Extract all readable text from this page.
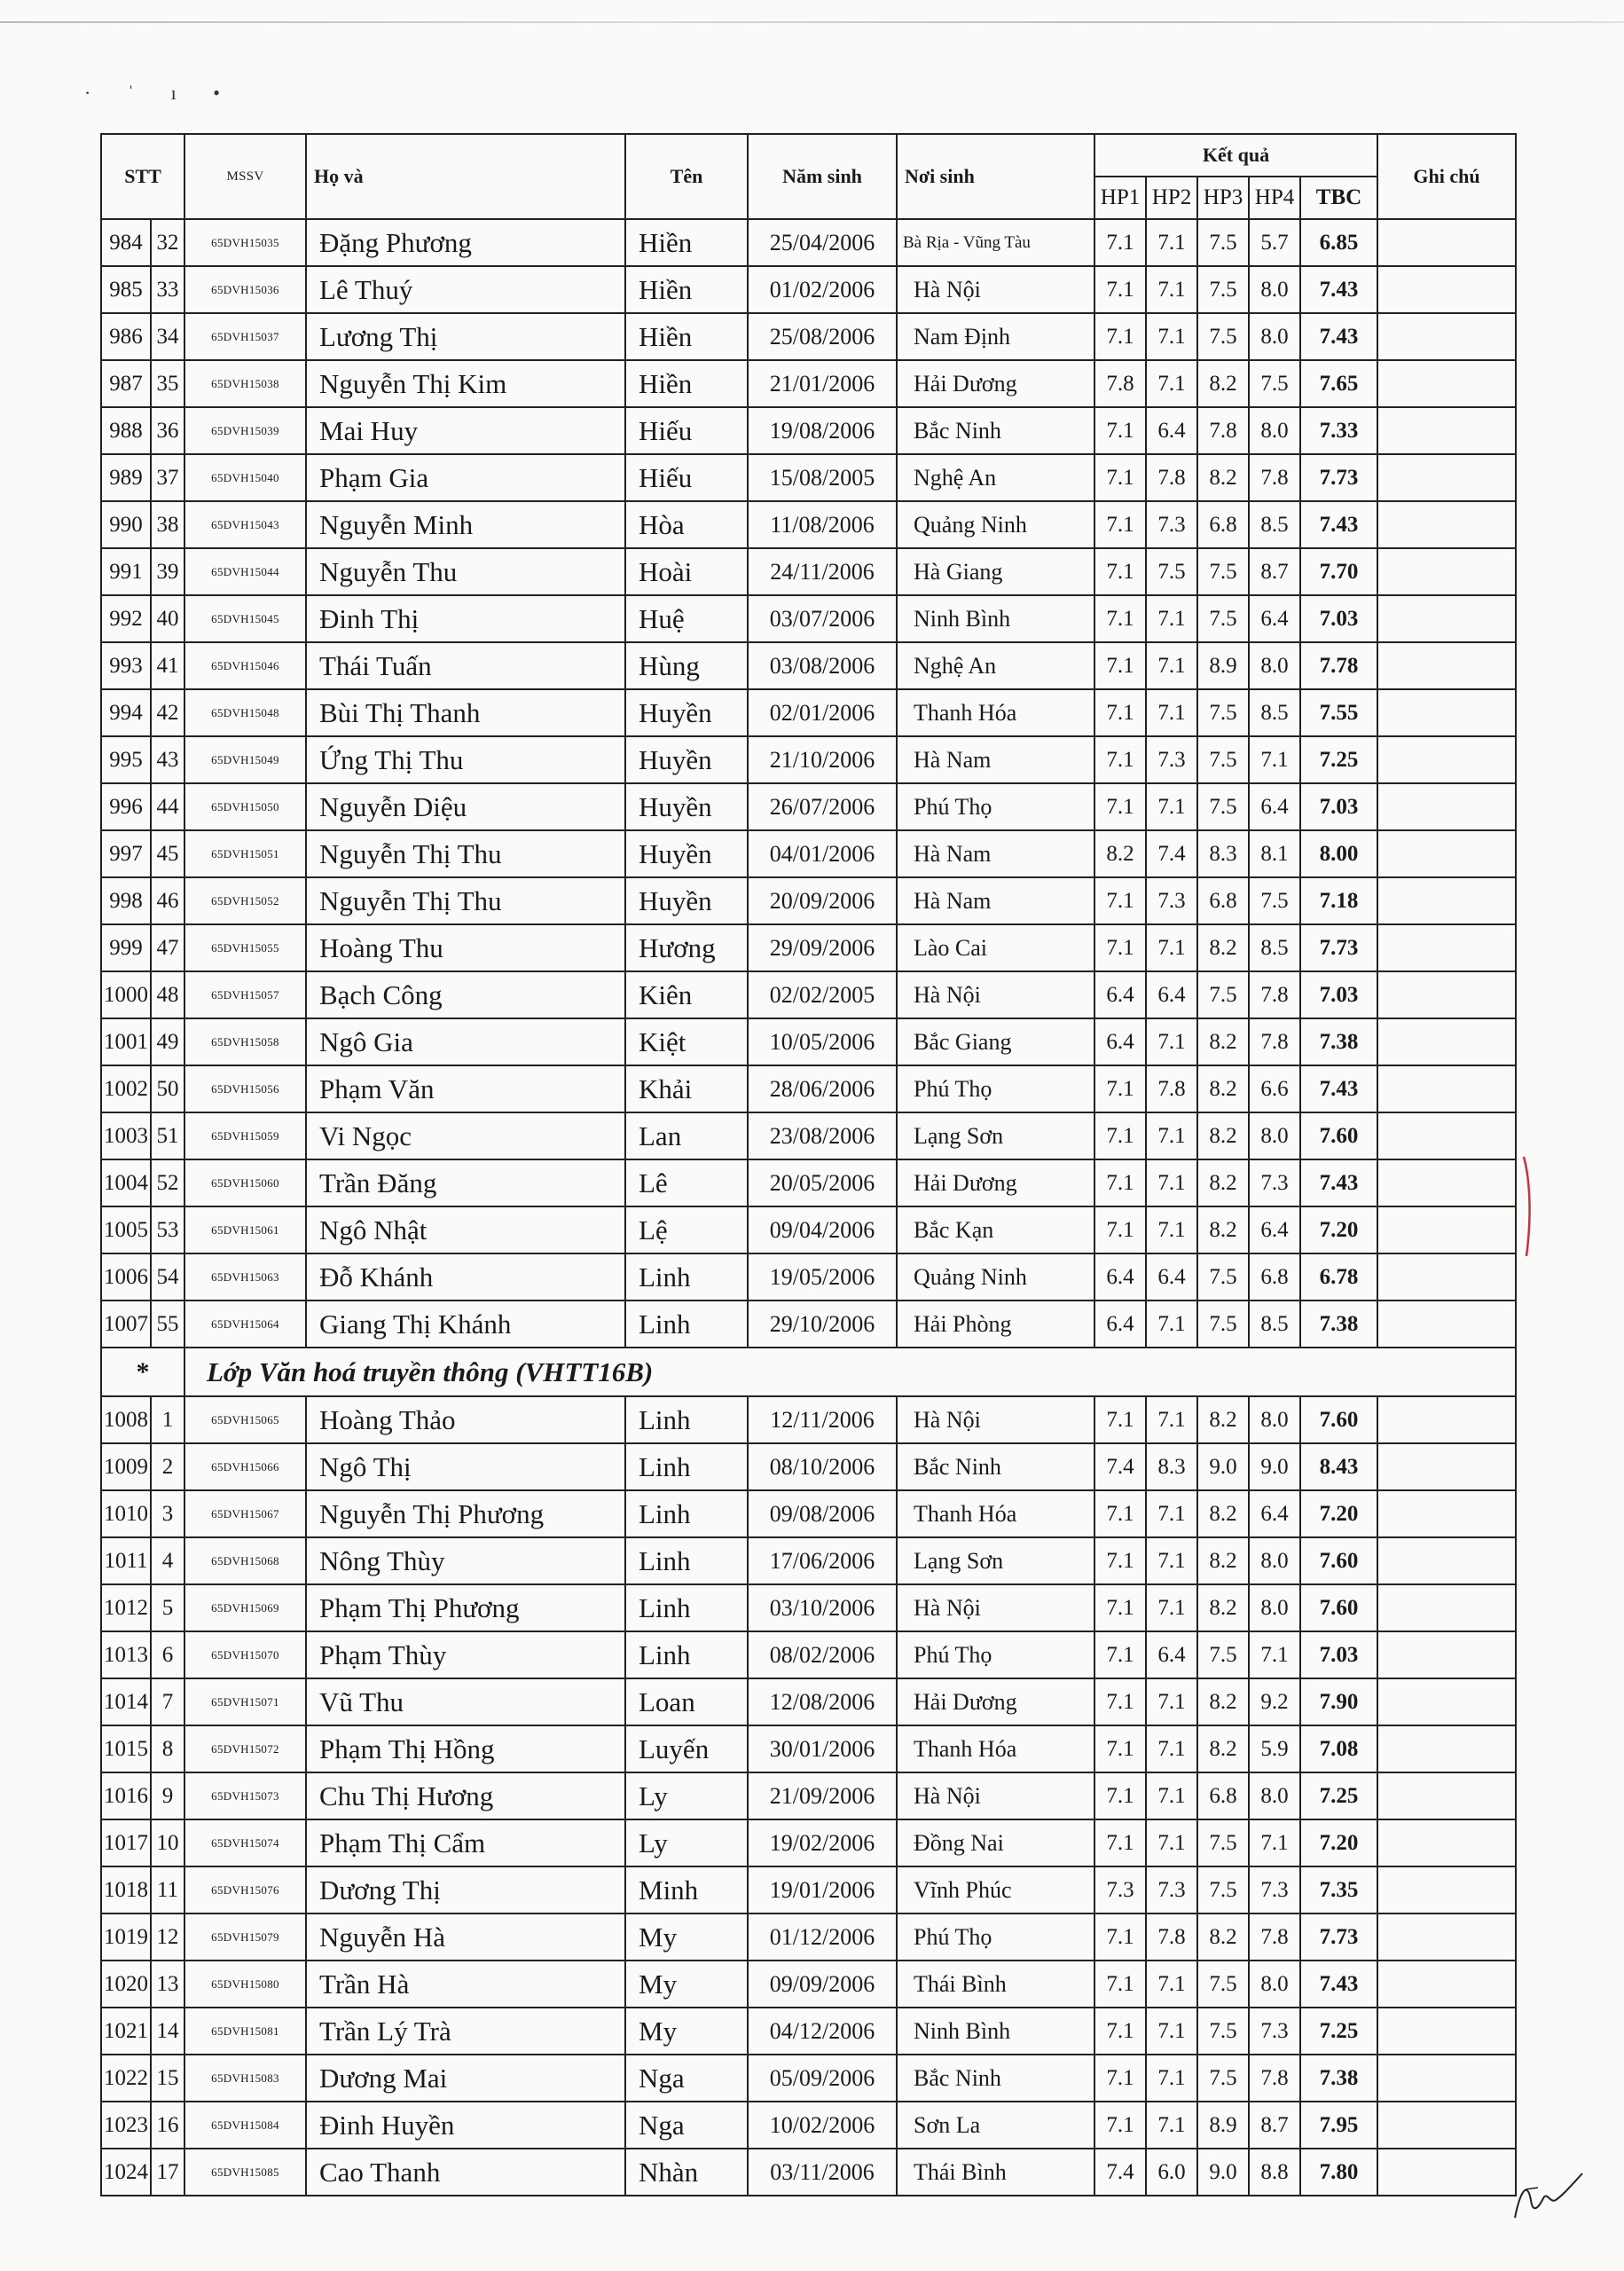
· ˈ ı •
STT		MSSV	Họ và	Tên	Năm sinh	Nơi sinh	Kết quả					Ghi chú
							HP1	HP2	HP3	HP4	TBC	
984	32	65DVH15035	Đặng Phương	Hiền	25/04/2006	Bà Rịa - Vũng Tàu	7.1	7.1	7.5	5.7	6.85	
985	33	65DVH15036	Lê Thuý	Hiền	01/02/2006	Hà Nội	7.1	7.1	7.5	8.0	7.43	
986	34	65DVH15037	Lương Thị	Hiền	25/08/2006	Nam Định	7.1	7.1	7.5	8.0	7.43	
987	35	65DVH15038	Nguyễn Thị Kim	Hiền	21/01/2006	Hải Dương	7.8	7.1	8.2	7.5	7.65	
988	36	65DVH15039	Mai Huy	Hiếu	19/08/2006	Bắc Ninh	7.1	6.4	7.8	8.0	7.33	
989	37	65DVH15040	Phạm Gia	Hiếu	15/08/2005	Nghệ An	7.1	7.8	8.2	7.8	7.73	
990	38	65DVH15043	Nguyễn Minh	Hòa	11/08/2006	Quảng Ninh	7.1	7.3	6.8	8.5	7.43	
991	39	65DVH15044	Nguyễn Thu	Hoài	24/11/2006	Hà Giang	7.1	7.5	7.5	8.7	7.70	
992	40	65DVH15045	Đinh Thị	Huệ	03/07/2006	Ninh Bình	7.1	7.1	7.5	6.4	7.03	
993	41	65DVH15046	Thái Tuấn	Hùng	03/08/2006	Nghệ An	7.1	7.1	8.9	8.0	7.78	
994	42	65DVH15048	Bùi Thị Thanh	Huyền	02/01/2006	Thanh Hóa	7.1	7.1	7.5	8.5	7.55	
995	43	65DVH15049	Ứng Thị Thu	Huyền	21/10/2006	Hà Nam	7.1	7.3	7.5	7.1	7.25	
996	44	65DVH15050	Nguyễn Diệu	Huyền	26/07/2006	Phú Thọ	7.1	7.1	7.5	6.4	7.03	
997	45	65DVH15051	Nguyễn Thị Thu	Huyền	04/01/2006	Hà Nam	8.2	7.4	8.3	8.1	8.00	
998	46	65DVH15052	Nguyễn Thị Thu	Huyền	20/09/2006	Hà Nam	7.1	7.3	6.8	7.5	7.18	
999	47	65DVH15055	Hoàng Thu	Hương	29/09/2006	Lào Cai	7.1	7.1	8.2	8.5	7.73	
1000	48	65DVH15057	Bạch Công	Kiên	02/02/2005	Hà Nội	6.4	6.4	7.5	7.8	7.03	
1001	49	65DVH15058	Ngô Gia	Kiệt	10/05/2006	Bắc Giang	6.4	7.1	8.2	7.8	7.38	
1002	50	65DVH15056	Phạm Văn	Khải	28/06/2006	Phú Thọ	7.1	7.8	8.2	6.6	7.43	
1003	51	65DVH15059	Vi Ngọc	Lan	23/08/2006	Lạng Sơn	7.1	7.1	8.2	8.0	7.60	
1004	52	65DVH15060	Trần Đăng	Lê	20/05/2006	Hải Dương	7.1	7.1	8.2	7.3	7.43	
1005	53	65DVH15061	Ngô Nhật	Lệ	09/04/2006	Bắc Kạn	7.1	7.1	8.2	6.4	7.20	
1006	54	65DVH15063	Đỗ Khánh	Linh	19/05/2006	Quảng Ninh	6.4	6.4	7.5	6.8	6.78	
1007	55	65DVH15064	Giang Thị Khánh	Linh	29/10/2006	Hải Phòng	6.4	7.1	7.5	8.5	7.38	
*		Lớp Văn hoá truyền thông (VHTT16B)										
1008	1	65DVH15065	Hoàng Thảo	Linh	12/11/2006	Hà Nội	7.1	7.1	8.2	8.0	7.60	
1009	2	65DVH15066	Ngô Thị	Linh	08/10/2006	Bắc Ninh	7.4	8.3	9.0	9.0	8.43	
1010	3	65DVH15067	Nguyễn Thị Phương	Linh	09/08/2006	Thanh Hóa	7.1	7.1	8.2	6.4	7.20	
1011	4	65DVH15068	Nông Thùy	Linh	17/06/2006	Lạng Sơn	7.1	7.1	8.2	8.0	7.60	
1012	5	65DVH15069	Phạm Thị Phương	Linh	03/10/2006	Hà Nội	7.1	7.1	8.2	8.0	7.60	
1013	6	65DVH15070	Phạm Thùy	Linh	08/02/2006	Phú Thọ	7.1	6.4	7.5	7.1	7.03	
1014	7	65DVH15071	Vũ Thu	Loan	12/08/2006	Hải Dương	7.1	7.1	8.2	9.2	7.90	
1015	8	65DVH15072	Phạm Thị Hồng	Luyến	30/01/2006	Thanh Hóa	7.1	7.1	8.2	5.9	7.08	
1016	9	65DVH15073	Chu Thị Hương	Ly	21/09/2006	Hà Nội	7.1	7.1	6.8	8.0	7.25	
1017	10	65DVH15074	Phạm Thị Cẩm	Ly	19/02/2006	Đồng Nai	7.1	7.1	7.5	7.1	7.20	
1018	11	65DVH15076	Dương Thị	Minh	19/01/2006	Vĩnh Phúc	7.3	7.3	7.5	7.3	7.35	
1019	12	65DVH15079	Nguyễn Hà	My	01/12/2006	Phú Thọ	7.1	7.8	8.2	7.8	7.73	
1020	13	65DVH15080	Trần Hà	My	09/09/2006	Thái Bình	7.1	7.1	7.5	8.0	7.43	
1021	14	65DVH15081	Trần Lý Trà	My	04/12/2006	Ninh Bình	7.1	7.1	7.5	7.3	7.25	
1022	15	65DVH15083	Dương Mai	Nga	05/09/2006	Bắc Ninh	7.1	7.1	7.5	7.8	7.38	
1023	16	65DVH15084	Đinh Huyền	Nga	10/02/2006	Sơn La	7.1	7.1	8.9	8.7	7.95	
1024	17	65DVH15085	Cao Thanh	Nhàn	03/11/2006	Thái Bình	7.4	6.0	9.0	8.8	7.80	
